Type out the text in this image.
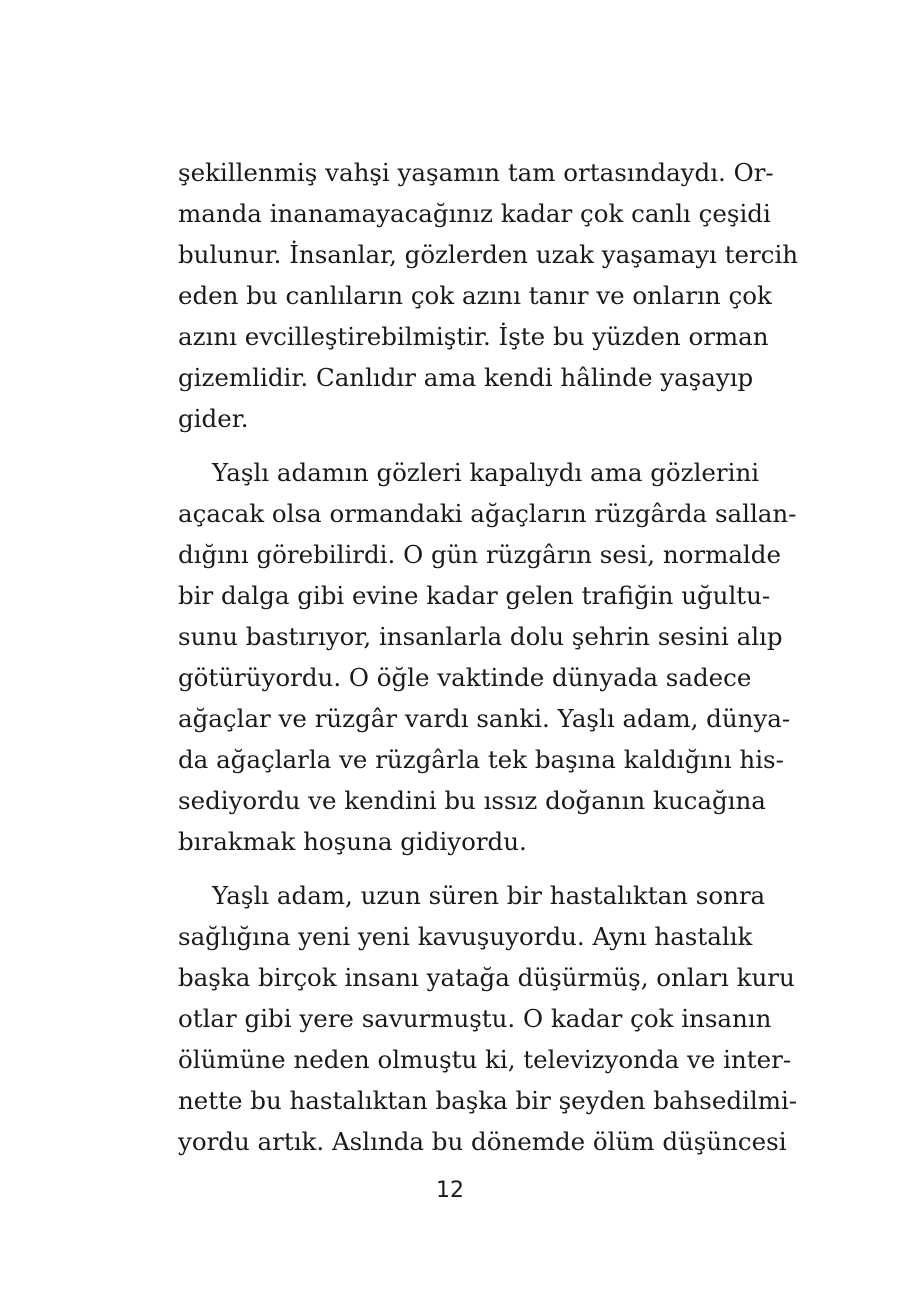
şekillenmiş vahşi yaşamın tam ortasındaydı. Or-
manda inanamayacağınız kadar çok canlı çeşidi
bulunur. İnsanlar, gözlerden uzak yaşamayı tercih
eden bu canlıların çok azını tanır ve onların çok
azını evcilleştirebilmiştir. İşte bu yüzden orman
gizemlidir. Canlıdır ama kendi hâlinde yaşayıp
gider.
Yaşlı adamın gözleri kapalıydı ama gözlerini
açacak olsa ormandaki ağaçların rüzgârda sallan-
dığını görebilirdi. O gün rüzgârın sesi, normalde
bir dalga gibi evine kadar gelen trafiğin uğultu-
sunu bastırıyor, insanlarla dolu şehrin sesini alıp
götürüyordu. O öğle vaktinde dünyada sadece
ağaçlar ve rüzgâr vardı sanki. Yaşlı adam, dünya-
da ağaçlarla ve rüzgârla tek başına kaldığını his-
sediyordu ve kendini bu ıssız doğanın kucağına
bırakmak hoşuna gidiyordu.
Yaşlı adam, uzun süren bir hastalıktan sonra
sağlığına yeni yeni kavuşuyordu. Aynı hastalık
başka birçok insanı yatağa düşürmüş, onları kuru
otlar gibi yere savurmuştu. O kadar çok insanın
ölümüne neden olmuştu ki, televizyonda ve inter-
nette bu hastalıktan başka bir şeyden bahsedilmi-
yordu artık. Aslında bu dönemde ölüm düşüncesi
12
